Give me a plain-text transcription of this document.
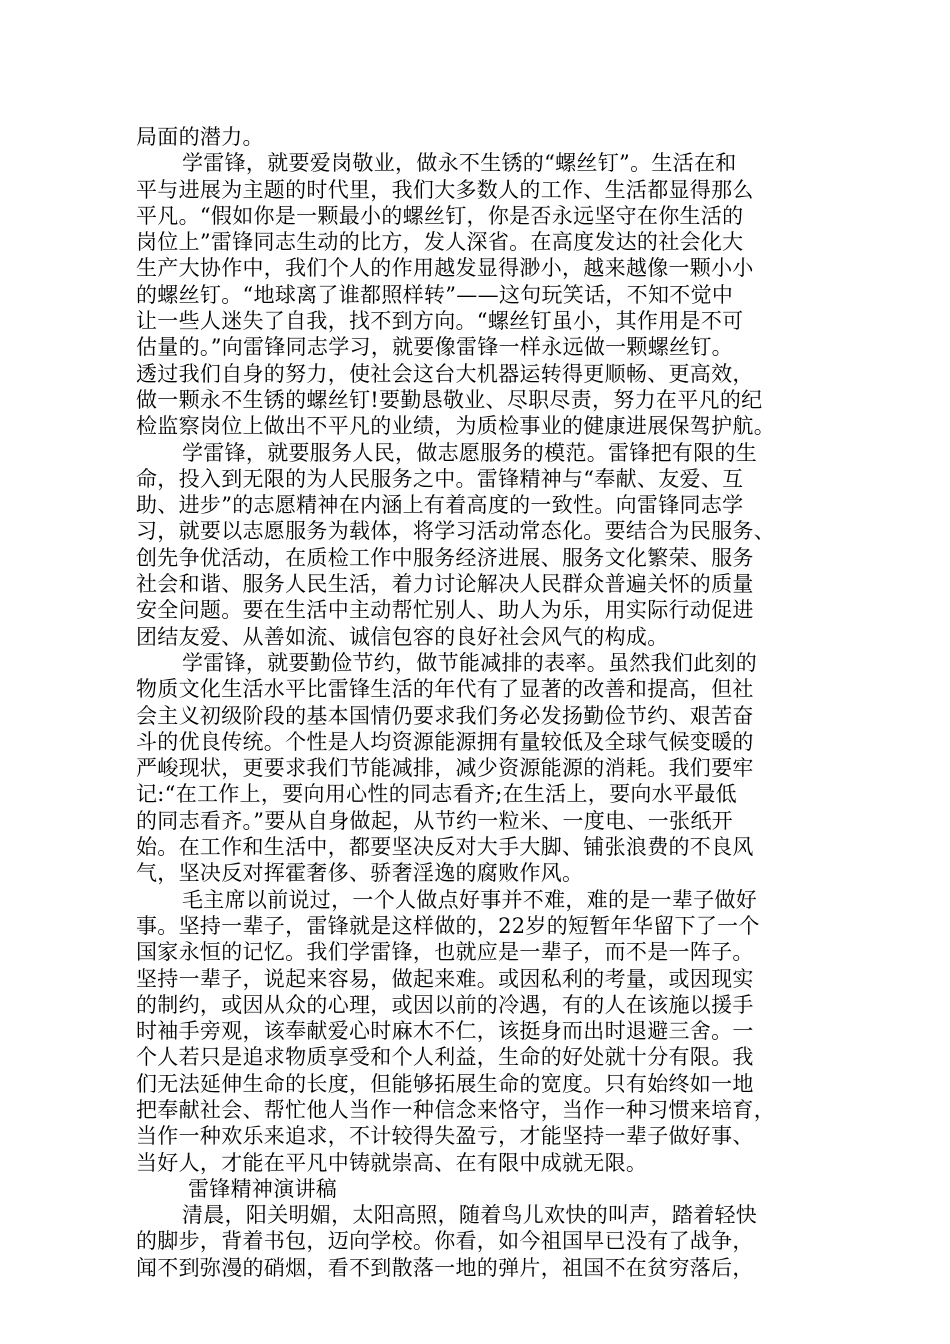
局面的潜力。
学雷锋，就要爱岗敬业，做永不生锈的“螺丝钉”。生活在和
平与进展为主题的时代里，我们大多数人的工作、生活都显得那么
平凡。“假如你是一颗最小的螺丝钉，你是否永远坚守在你生活的
岗位上”雷锋同志生动的比方，发人深省。在高度发达的社会化大
生产大协作中，我们个人的作用越发显得渺小，越来越像一颗小小
的螺丝钉。“地球离了谁都照样转”——这句玩笑话，不知不觉中
让一些人迷失了自我，找不到方向。“螺丝钉虽小，其作用是不可
估量的。”向雷锋同志学习，就要像雷锋一样永远做一颗螺丝钉。
透过我们自身的努力，使社会这台大机器运转得更顺畅、更高效，
做一颗永不生锈的螺丝钉!要勤恳敬业、尽职尽责，努力在平凡的纪
检监察岗位上做出不平凡的业绩，为质检事业的健康进展保驾护航。
学雷锋，就要服务人民，做志愿服务的模范。雷锋把有限的生
命，投入到无限的为人民服务之中。雷锋精神与“奉献、友爱、互
助、进步”的志愿精神在内涵上有着高度的一致性。向雷锋同志学
习，就要以志愿服务为载体，将学习活动常态化。要结合为民服务、
创先争优活动，在质检工作中服务经济进展、服务文化繁荣、服务
社会和谐、服务人民生活，着力讨论解决人民群众普遍关怀的质量
安全问题。要在生活中主动帮忙别人、助人为乐，用实际行动促进
团结友爱、从善如流、诚信包容的良好社会风气的构成。
学雷锋，就要勤俭节约，做节能减排的表率。虽然我们此刻的
物质文化生活水平比雷锋生活的年代有了显著的改善和提高，但社
会主义初级阶段的基本国情仍要求我们务必发扬勤俭节约、艰苦奋
斗的优良传统。个性是人均资源能源拥有量较低及全球气候变暖的
严峻现状，更要求我们节能减排，减少资源能源的消耗。我们要牢
记:“在工作上，要向用心性的同志看齐;在生活上，要向水平最低
的同志看齐。”要从自身做起，从节约一粒米、一度电、一张纸开
始。在工作和生活中，都要坚决反对大手大脚、铺张浪费的不良风
气，坚决反对挥霍奢侈、骄奢淫逸的腐败作风。
毛主席以前说过，一个人做点好事并不难，难的是一辈子做好
事。坚持一辈子，雷锋就是这样做的，22岁的短暂年华留下了一个
国家永恒的记忆。我们学雷锋，也就应是一辈子，而不是一阵子。
坚持一辈子，说起来容易，做起来难。或因私利的考量，或因现实
的制约，或因从众的心理，或因以前的冷遇，有的人在该施以援手
时袖手旁观，该奉献爱心时麻木不仁，该挺身而出时退避三舍。一
个人若只是追求物质享受和个人利益，生命的好处就十分有限。我
们无法延伸生命的长度，但能够拓展生命的宽度。只有始终如一地
把奉献社会、帮忙他人当作一种信念来恪守，当作一种习惯来培育，
当作一种欢乐来追求，不计较得失盈亏，才能坚持一辈子做好事、
当好人，才能在平凡中铸就崇高、在有限中成就无限。
雷锋精神演讲稿
清晨，阳关明媚，太阳高照，随着鸟儿欢快的叫声，踏着轻快
的脚步，背着书包，迈向学校。你看，如今祖国早已没有了战争，
闻不到弥漫的硝烟，看不到散落一地的弹片，祖国不在贫穷落后，
